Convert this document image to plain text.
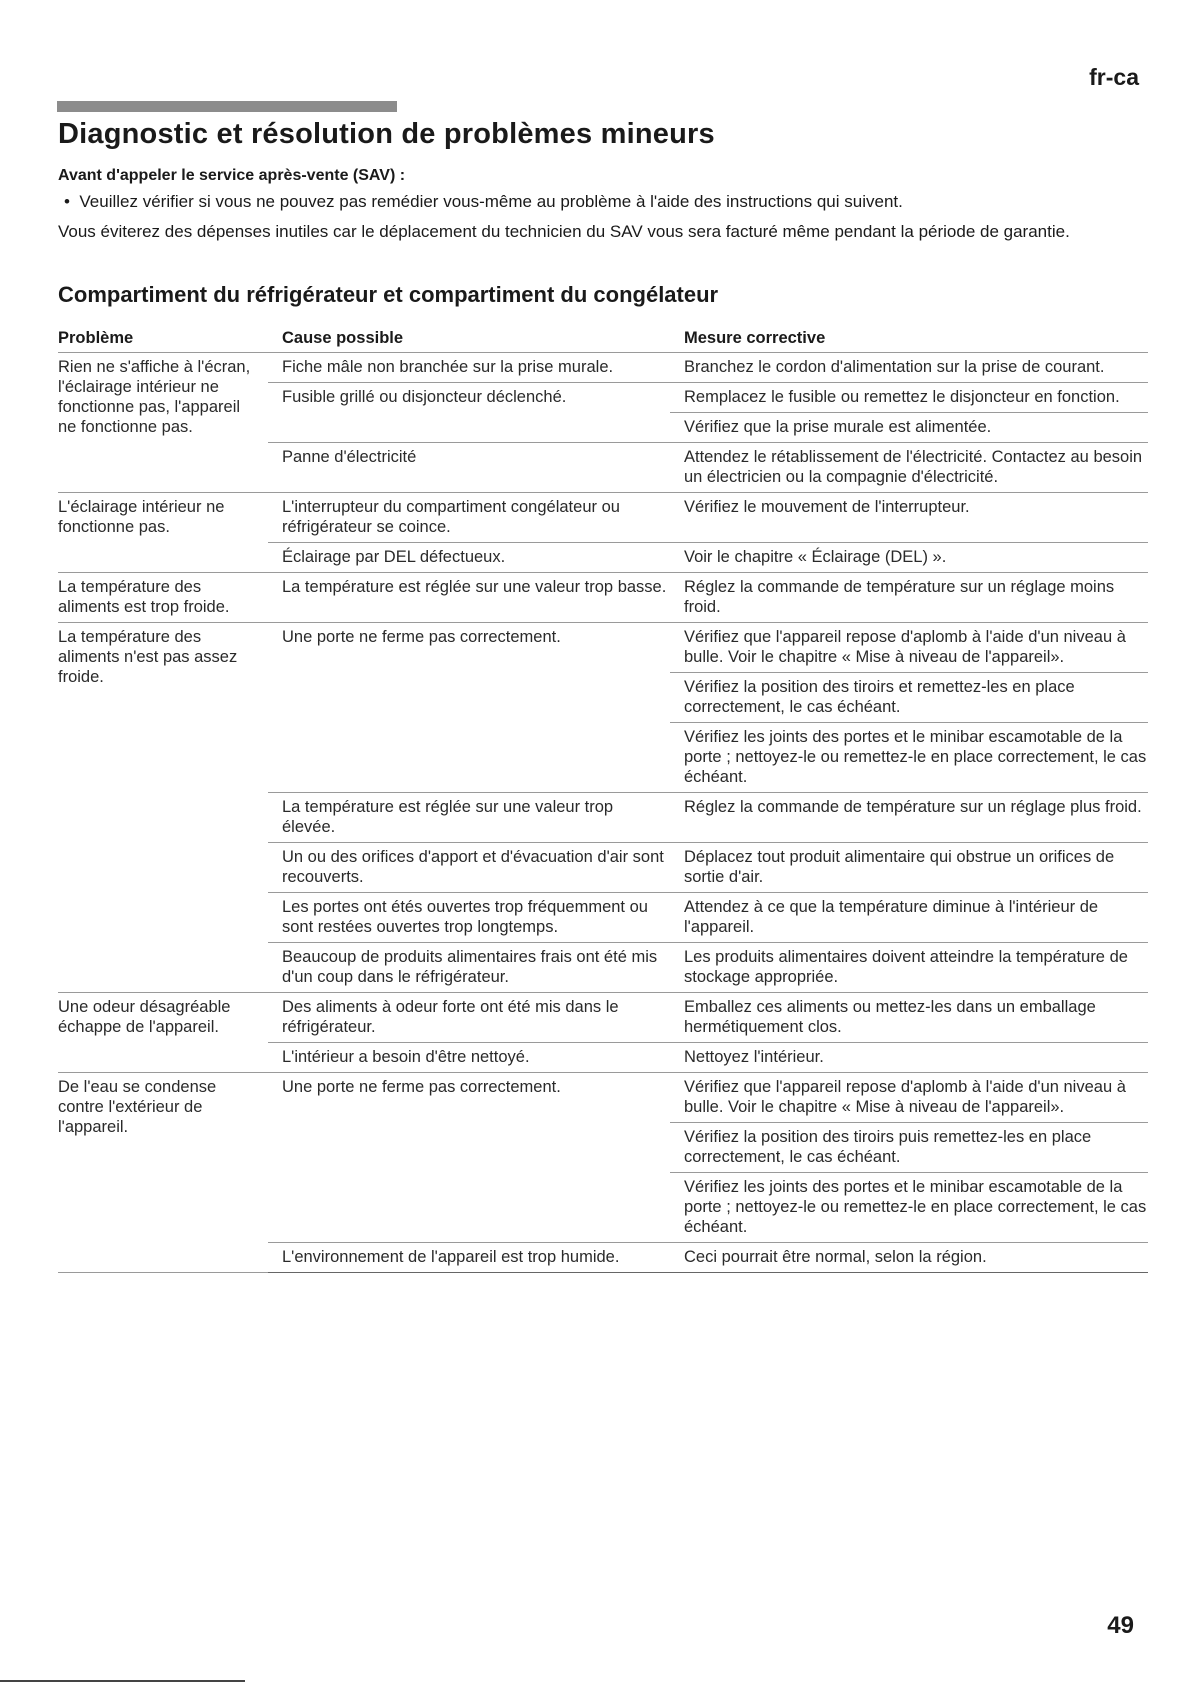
fr-ca
Diagnostic et résolution de problèmes mineurs
Avant d'appeler le service après-vente (SAV) :
•  Veuillez vérifier si vous ne pouvez pas remédier vous-même au problème à l'aide des instructions qui suivent.

Vous éviterez des dépenses inutiles car le déplacement du technicien du SAV vous sera facturé même pendant la période de garantie.

Compartiment du réfrigérateur et compartiment du congélateur
Problème	Cause possible	Mesure corrective
Rien ne s'affiche à l'écran, l'éclairage intérieur ne fonctionne pas, l'appareil ne fonctionne pas.	Fiche mâle non branchée sur la prise murale.	Branchez le cordon d'alimentation sur la prise de courant.
	Fusible grillé ou disjoncteur déclenché.	Remplacez le fusible ou remettez le disjoncteur en fonction.
		Vérifiez que la prise murale est alimentée.
	Panne d'électricité	Attendez le rétablissement de l'électricité. Contactez au besoin un électricien ou la compagnie d'électricité.
L'éclairage intérieur ne fonctionne pas.	L'interrupteur du compartiment congélateur ou réfrigérateur se coince.	Vérifiez le mouvement de l'interrupteur.
	Éclairage par DEL défectueux.	Voir le chapitre « Éclairage (DEL) ».
La température des aliments est trop froide.	La température est réglée sur une valeur trop basse.	Réglez la commande de température sur un réglage moins froid.
La température des aliments n'est pas assez froide.	Une porte ne ferme pas correctement.	Vérifiez que l'appareil repose d'aplomb à l'aide d'un niveau à bulle. Voir le chapitre « Mise à niveau de l'appareil».
		Vérifiez la position des tiroirs et remettez-les en place correctement, le cas échéant.
		Vérifiez les joints des portes et le minibar escamotable de la porte ; nettoyez-le ou remettez-le en place correctement, le cas échéant.
	La température est réglée sur une valeur trop élevée.	Réglez la commande de température sur un réglage plus froid.
	Un ou des orifices d'apport et d'évacuation d'air sont recouverts.	Déplacez tout produit alimentaire qui obstrue un orifices de sortie d'air.
	Les portes ont étés ouvertes trop fréquemment ou sont restées ouvertes trop longtemps.	Attendez à ce que la température diminue à l'intérieur de l'appareil.
	Beaucoup de produits alimentaires frais ont été mis d'un coup dans le réfrigérateur.	Les produits alimentaires doivent atteindre la température de stockage appropriée.
Une odeur désagréable échappe de l'appareil.	Des aliments à odeur forte ont été mis dans le réfrigérateur.	Emballez ces aliments ou mettez-les dans un emballage hermétiquement clos.
	L'intérieur a besoin d'être nettoyé.	Nettoyez l'intérieur.
De l'eau se condense contre l'extérieur de l'appareil.	Une porte ne ferme pas correctement.	Vérifiez que l'appareil repose d'aplomb à l'aide d'un niveau à bulle. Voir le chapitre « Mise à niveau de l'appareil».
		Vérifiez la position des tiroirs puis remettez-les en place correctement, le cas échéant.
		Vérifiez les joints des portes et le minibar escamotable de la porte ; nettoyez-le ou remettez-le en place correctement, le cas échéant.
	L'environnement de l'appareil est trop humide.	Ceci pourrait être normal, selon la région.
49
